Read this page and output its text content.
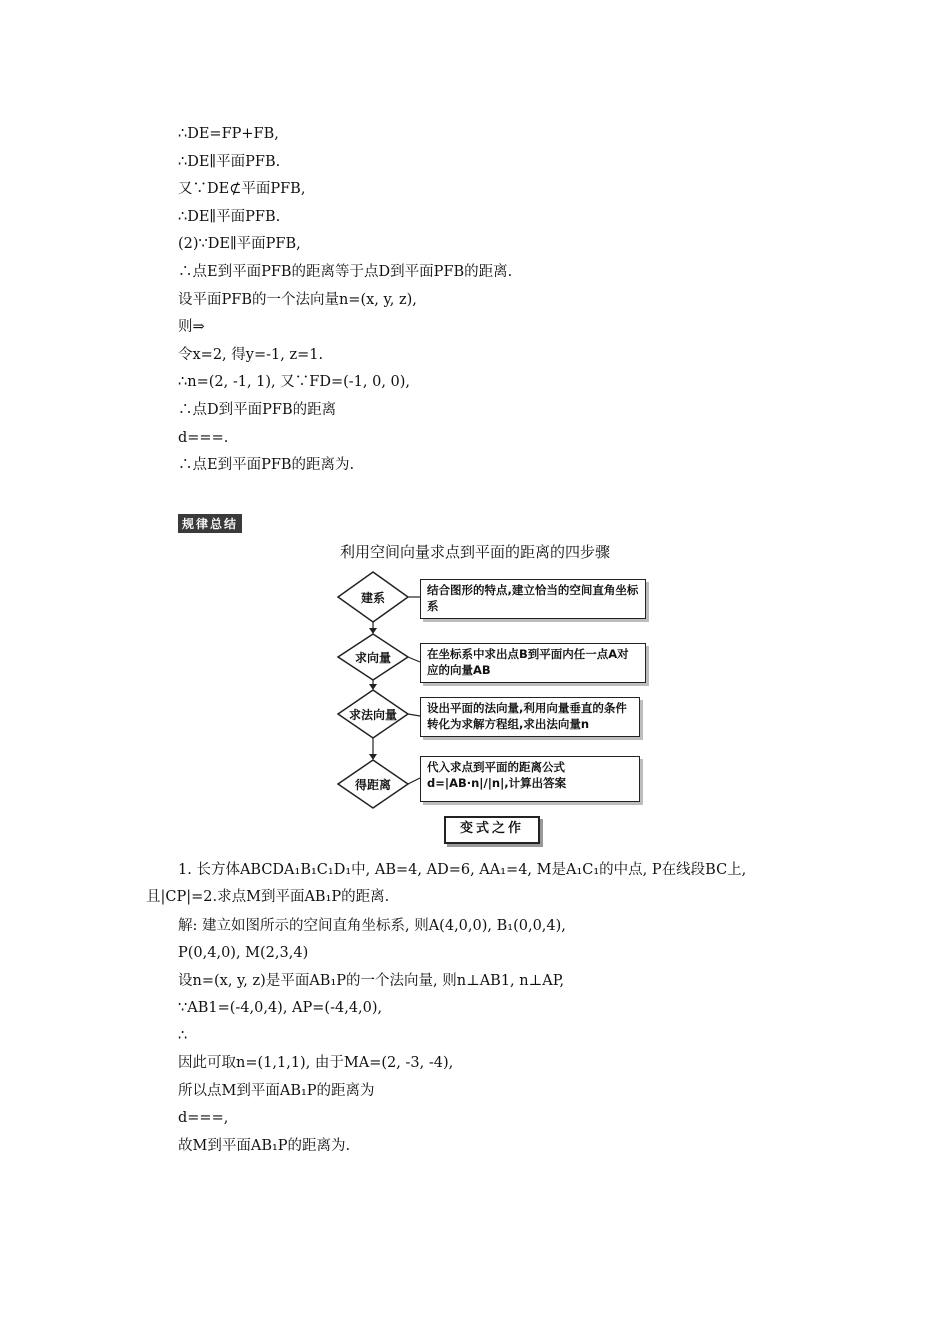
∴DE=FP+FB,
∴DE∥平面PFB.
又∵DE⊄平面PFB,
∴DE∥平面PFB.
(2)∵DE∥平面PFB,
∴点E到平面PFB的距离等于点D到平面PFB的距离.
设平面PFB的一个法向量n=(x, y, z),
则⇒
令x=2, 得y=-1, z=1.
∴n=(2, -1, 1), 又∵FD=(-1, 0, 0),
∴点D到平面PFB的距离
d===.
∴点E到平面PFB的距离为.
规律总结
利用空间向量求点到平面的距离的四步骤
建系
求向量
求法向量
得距离
结合图形的特点,建立恰当的空间直角坐标系
在坐标系中求出点B到平面内任一点A对应的向量AB
设出平面的法向量,利用向量垂直的条件转化为求解方程组,求出法向量n
代入求点到平面的距离公式d=|AB·n|/|n|,计算出答案
变式之作
1. 长方体ABCDA₁B₁C₁D₁中, AB=4, AD=6, AA₁=4, M是A₁C₁的中点, P在线段BC上,
且|CP|=2.求点M到平面AB₁P的距离.
解: 建立如图所示的空间直角坐标系, 则A(4,0,0), B₁(0,0,4),
P(0,4,0), M(2,3,4)
设n=(x, y, z)是平面AB₁P的一个法向量, 则n⊥AB1, n⊥AP,
∵AB1=(-4,0,4), AP=(-4,4,0),
∴
因此可取n=(1,1,1), 由于MA=(2, -3, -4),
所以点M到平面AB₁P的距离为
d===,
故M到平面AB₁P的距离为.
